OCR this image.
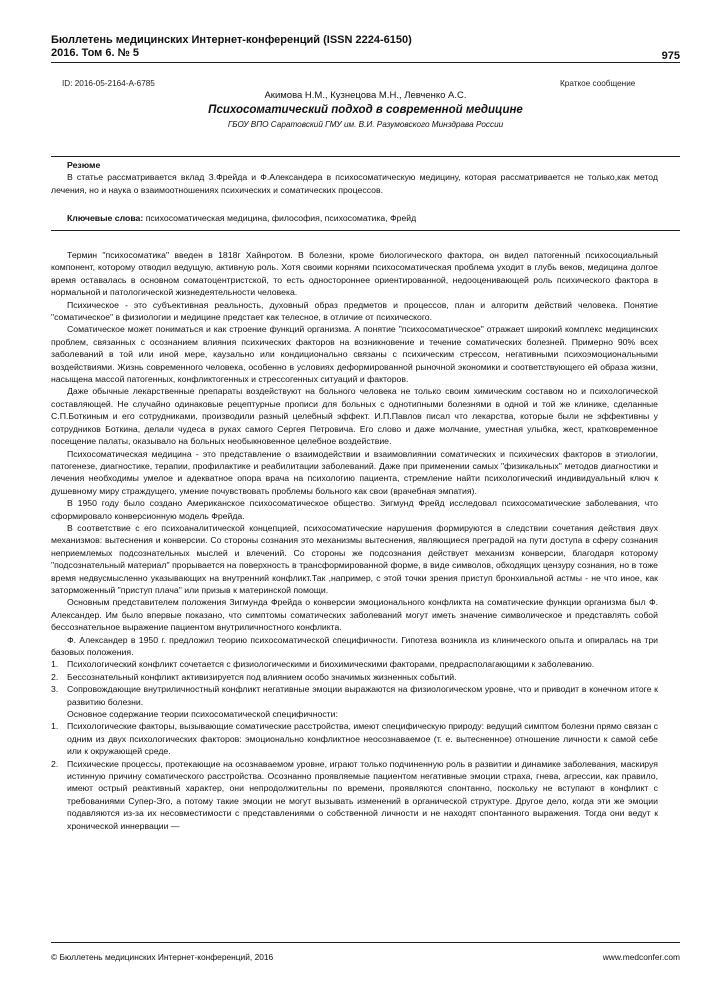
Бюллетень медицинских Интернет-конференций (ISSN 2224-6150)
2016. Том 6. № 5	975
ID: 2016-05-2164-A-6785	Краткое сообщение
Акимова Н.М., Кузнецова М.Н., Левченко А.С.
Психосоматический подход в современной медицине
ГБОУ ВПО Саратовский ГМУ им. В.И. Разумовского Минздрава России

Резюме

В статье рассматривается вклад З.Фрейда и Ф.Александера в психосоматическую медицину, которая рассматривается не только,как метод лечения, но и наука о взаимоотношениях психических и соматических процессов.

Ключевые слова: психосоматическая медицина, философия, психосоматика, Фрейд

Термин "психосоматика" введен в 1818г Хайнротом. В болезни, кроме биологического фактора, он видел патогенный психосоциальный компонент, которому отводил ведущую, активную роль. Хотя своими корнями психосоматическая проблема уходит в глубь веков, медицина долгое время оставалась в основном соматоцентристской, то есть одностороннее ориентированной, недооценивающей роль психического фактора в нормальной и патологической жизнедеятельности человека.

Психическое - это субъективная реальность, духовный образ предметов и процессов, план и алгоритм действий человека. Понятие "соматическое" в физиологии и медицине предстает как телесное, в отличие от психического.

Соматическое может пониматься и как строение функций организма. А понятие "психосоматическое" отражает широкий комплекс медицинских проблем, связанных с осознанием влияния психических факторов на возникновение и течение соматических болезней. Примерно 90% всех заболеваний в той или иной мере, каузально или кондиционально связаны с психическим стрессом, негативными психоэмоциональными воздействиями. Жизнь современного человека, особенно в условиях деформированной рыночной экономики и соответствующего ей образа жизни, насыщена массой патогенных, конфликтогенных и стрессогенных ситуаций и факторов.

Даже обычные лекарственные препараты воздействуют на больного человека не только своим химическим составом но и психологической составляющей. Не случайно одинаковые рецептурные прописи для больных с однотипными болезнями в одной и той же клинике, сделанные С.П.Боткиным и его сотрудниками, производили разный целебный эффект. И.П.Павлов писал что лекарства, которые были не эффективны у сотрудников Боткина, делали чудеса в руках самого Сергея Петровича. Его слово и даже молчание, уместная улыбка, жест, кратковременное посещение палаты, оказывало на больных необыкновенное целебное воздействие.

Психосоматическая медицина - это представление о взаимодействии и взаимовлиянии соматических и психических факторов в этиологии, патогенезе, диагностике, терапии, профилактике и реабилитации заболеваний. Даже при применении самых "физикальных" методов диагностики и лечения необходимы умелое и адекватное опора врача на психологию пациента, стремление найти психологический индивидуальный ключ к душевному миру страждущего, умение почувствовать проблемы больного как свои (врачебная эмпатия).

В 1950 году было создано Американское психосоматическое общество. Зигмунд Фрейд исследовал психосоматические заболевания, что сформировало конверсионную модель Фрейда.

В соответствие с его психоаналитической концепцией, психосоматические нарушения формируются в следствии сочетания действия двух механизмов: вытеснения и конверсии. Со стороны сознания это механизмы вытеснения, являющиеся преградой на пути доступа в сферу сознания неприемлемых подсознательных мыслей и влечений. Со стороны же подсознания действует механизм конверсии, благодаря которому "подсознательный материал" прорывается на поверхность в трансформированной форме, в виде символов, обходящих цензуру сознания, но в тоже время недвусмысленно указывающих на внутренний конфликт.Так ,например, с этой точки зрения приступ бронхиальной астмы - не что иное, как заторможенный "приступ плача" или призыв к материнской помощи.

Основным представителем положения Зигмунда Фрейда о конверсии эмоционального конфликта на соматические функции организма был Ф. Александер. Им было впервые показано, что симптомы соматических заболеваний могут иметь значение символическое и представлять собой бессознательное выражение пациентом внутриличностного конфликта.

Ф. Александер в 1950 г. предложил теорию психосоматической специфичности. Гипотеза возникла из клинического опыта и опиралась на три базовых положения.

1.	Психологический конфликт сочетается с физиологическими и биохимическими факторами, предрасполагающими к заболеванию.
2.	Бессознательный конфликт активизируется под влиянием особо значимых жизненных событий.
3.	Сопровождающие внутриличностный конфликт негативные эмоции выражаются на физиологическом уровне, что и приводит в конечном итоге к развитию болезни.

Основное содержание теории психосоматической специфичности:

1.	Психологические факторы, вызывающие соматические расстройства, имеют специфическую природу: ведущий симптом болезни прямо связан с одним из двух психологических факторов: эмоционально конфликтное неосознаваемое (т. е. вытесненное) отношение личности к самой себе или к окружающей среде.
2.	Психические процессы, протекающие на осознаваемом уровне, играют только подчиненную роль в развитии и динамике заболевания, маскируя истинную причину соматического расстройства. Осознанно проявляемые пациентом негативные эмоции страха, гнева, агрессии, как правило, имеют острый реактивный характер, они непродолжительны по времени, проявляются спонтанно, поскольку не вступают в конфликт с требованиями Супер-Эго, а потому такие эмоции не могут вызывать изменений в органической структуре. Другое дело, когда эти же эмоции подавляются из-за их несовместимости с представлениями о собственной личности и не находят спонтанного выражения. Тогда они ведут к хронической иннервации —
© Бюллетень медицинских Интернет-конференций, 2016	www.medconfer.com
